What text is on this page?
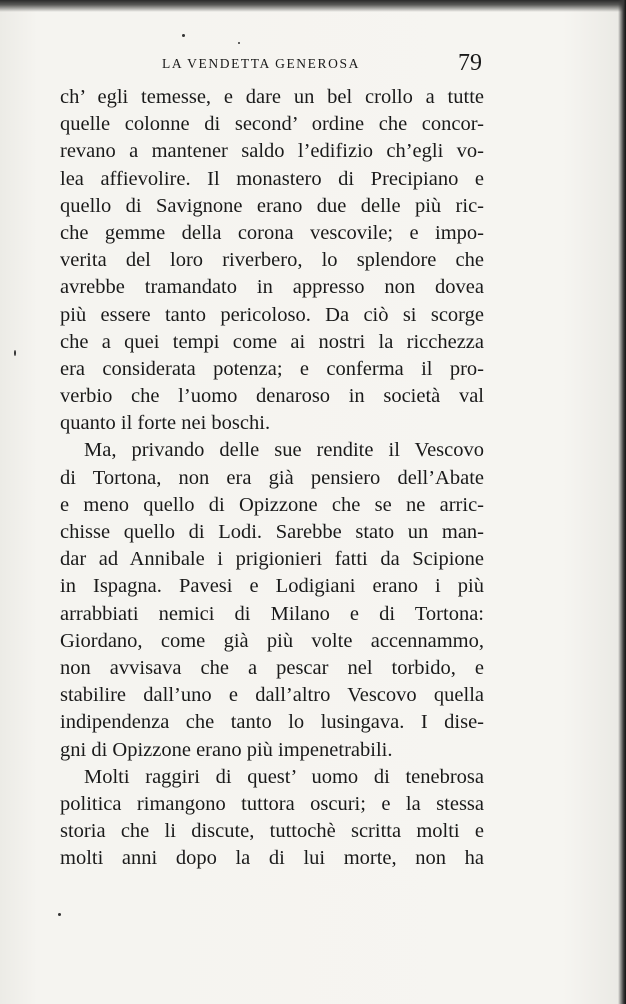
LA VENDETTA GENEROSA	79
ch’ egli temesse, e dare un bel crollo a tutte
quelle colonne di second’ ordine che concor-
revano a mantener saldo l’edifizio ch’egli vo-
lea affievolire. Il monastero di Precipiano e
quello di Savignone erano due delle più ric-
che gemme della corona vescovile; e impo-
verita del loro riverbero, lo splendore che
avrebbe tramandato in appresso non dovea
più essere tanto pericoloso. Da ciò si scorge
che a quei tempi come ai nostri la ricchezza
era considerata potenza; e conferma il pro-
verbio che l’uomo denaroso in società val
quanto il forte nei boschi.
Ma, privando delle sue rendite il Vescovo
di Tortona, non era già pensiero dell’Abate
e meno quello di Opizzone che se ne arric-
chisse quello di Lodi. Sarebbe stato un man-
dar ad Annibale i prigionieri fatti da Scipione
in Ispagna. Pavesi e Lodigiani erano i più
arrabbiati nemici di Milano e di Tortona:
Giordano, come già più volte accennammo,
non avvisava che a pescar nel torbido, e
stabilire dall’uno e dall’altro Vescovo quella
indipendenza che tanto lo lusingava. I dise-
gni di Opizzone erano più impenetrabili.
Molti raggiri di quest’ uomo di tenebrosa
politica rimangono tuttora oscuri; e la stessa
storia che li discute, tuttochè scritta molti e
molti anni dopo la di lui morte, non ha
